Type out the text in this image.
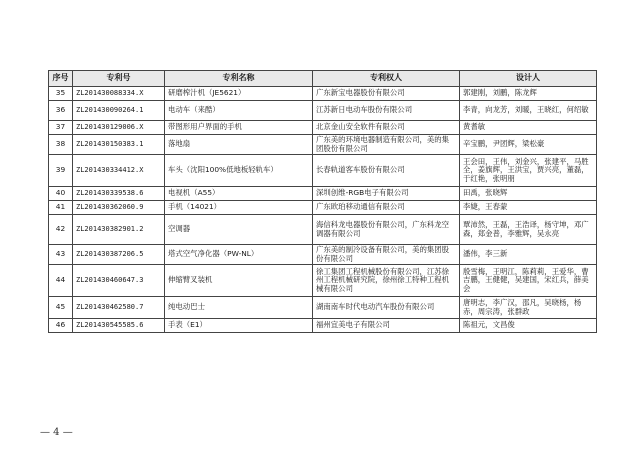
序号	专利号	专利名称	专利权人	设计人
35	ZL201430088334.X	研磨榨汁机（JE5621）	广东新宝电器股份有限公司	郭建刚，刘鹏，陈龙辉
36	ZL201430090264.1	电动车（来酷）	江苏新日电动车股份有限公司	李青，向龙芳，刘暖，王晓红，何绍敏
37	ZL201430129006.X	带图形用户界面的手机	北京金山安全软件有限公司	黄耆敏
38	ZL201430150383.1	落地扇	广东美的环境电器制造有限公司，美的集团股份有限公司	辛宝鹏，尹团辉，梁松豪
39	ZL201430334412.X	车头（沈阳100%低地板轻轨车）	长春轨道客车股份有限公司	王会田，王伟，刘金兴，张建平，马胜全，姜旗辉，王洪宝，贾兴亮，董磊，于红艳，张明朋
40	ZL201430339538.6	电视机（A55）	深圳创维-RGB电子有限公司	田禹，张晓辉
41	ZL201430362060.9	手机（14021）	广东欧珀移动通信有限公司	李婕，王春蒙
42	ZL201430382901.2	空调器	海信科龙电器股份有限公司，广东科龙空调器有限公司	覃沛然，王磊，王浩译，杨守坤，邓广森，郑金普，李雅辉，吴永亮
43	ZL201430387206.5	塔式空气净化器（PW-NL）	广东美的制冷设备有限公司，美的集团股份有限公司	潘伟，李三新
44	ZL201430460647.3	伸缩臂叉装机	徐工集团工程机械股份有限公司，江苏徐州工程机械研究院，徐州徐工特种工程机械有限公司	殷雪梅，王明江，陈莉莉，王爱华，曹吉鹏，王健健，吴建国，宋红兵，薛美会
45	ZL201430462580.7	纯电动巴士	湖南南车时代电动汽车股份有限公司	唐明志，李广汉，邵凡，吴晓杨，杨赤，周宗涛，张群政
46	ZL201430545585.6	手表（E1）	福州宜美电子有限公司	陈祖元，文昌俊
— 4 —
